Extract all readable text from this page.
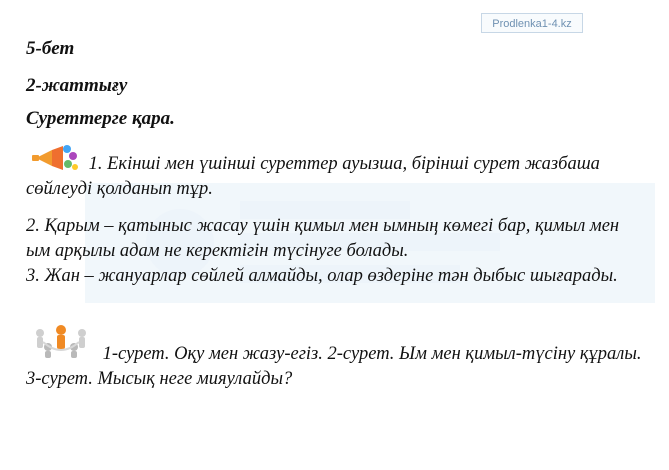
Prodlenka1-4.kz
5-бет
2-жаттығу
Суреттерге қара.

1. Екінші мен үшінші суреттер ауызша, бірінші сурет жазбаша сөйлеуді қолданып тұр.

2. Қарым – қатыныс жасау үшін қимыл мен ымның көмегі бар, қимыл мен ым арқылы адам не керектігін түсінуге болады.
3. Жан – жануарлар сөйлей алмайды, олар өздеріне тән дыбыс шығарады.

1-сурет. Оқу мен жазу-егіз. 2-сурет. Ым мен қимыл-түсіну құралы. 3-сурет. Мысық неге мияулайды?
